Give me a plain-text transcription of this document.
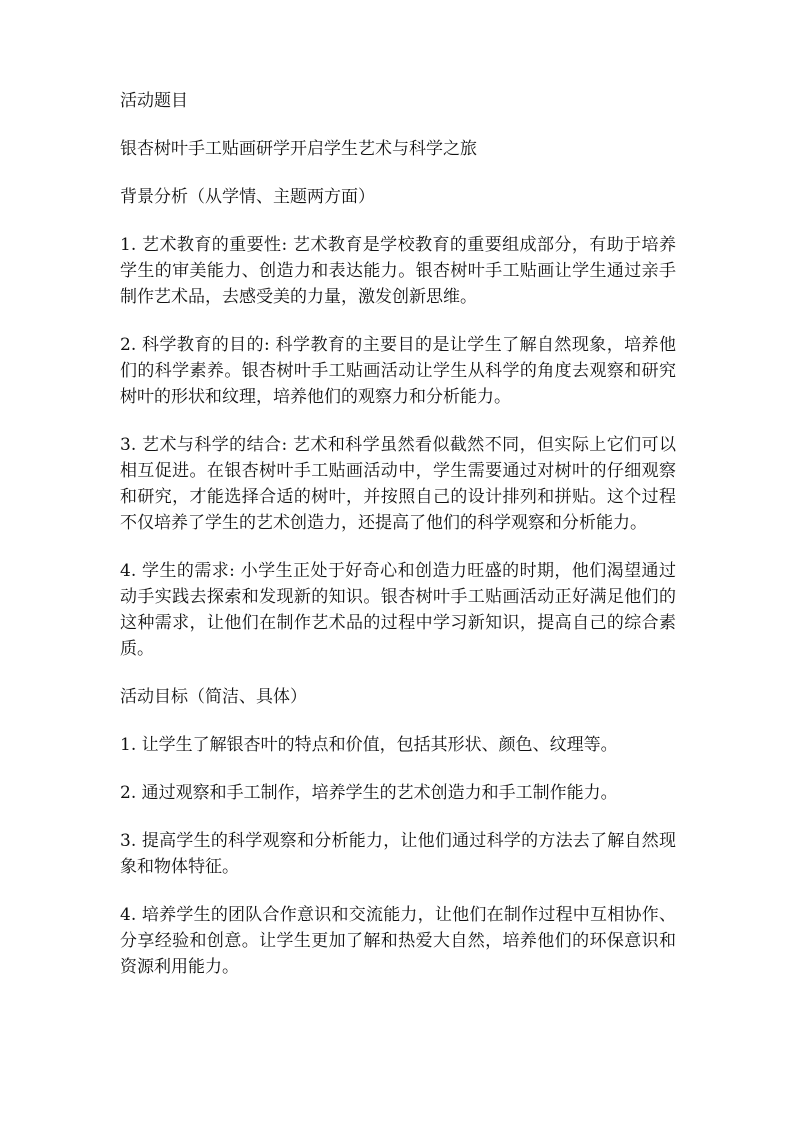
活动题目

银杏树叶手工贴画研学开启学生艺术与科学之旅

背景分析（从学情、主题两方面）

1. 艺术教育的重要性: 艺术教育是学校教育的重要组成部分，有助于培养学生的审美能力、创造力和表达能力。银杏树叶手工贴画让学生通过亲手制作艺术品，去感受美的力量，激发创新思维。

2. 科学教育的目的: 科学教育的主要目的是让学生了解自然现象，培养他们的科学素养。银杏树叶手工贴画活动让学生从科学的角度去观察和研究树叶的形状和纹理，培养他们的观察力和分析能力。

3. 艺术与科学的结合: 艺术和科学虽然看似截然不同，但实际上它们可以相互促进。在银杏树叶手工贴画活动中，学生需要通过对树叶的仔细观察和研究，才能选择合适的树叶，并按照自己的设计排列和拼贴。这个过程不仅培养了学生的艺术创造力，还提高了他们的科学观察和分析能力。

4. 学生的需求: 小学生正处于好奇心和创造力旺盛的时期，他们渴望通过动手实践去探索和发现新的知识。银杏树叶手工贴画活动正好满足他们的这种需求，让他们在制作艺术品的过程中学习新知识，提高自己的综合素质。

活动目标（简洁、具体）

1. 让学生了解银杏叶的特点和价值，包括其形状、颜色、纹理等。

2. 通过观察和手工制作，培养学生的艺术创造力和手工制作能力。

3. 提高学生的科学观察和分析能力，让他们通过科学的方法去了解自然现象和物体特征。

4. 培养学生的团队合作意识和交流能力，让他们在制作过程中互相协作、分享经验和创意。让学生更加了解和热爱大自然，培养他们的环保意识和资源利用能力。
